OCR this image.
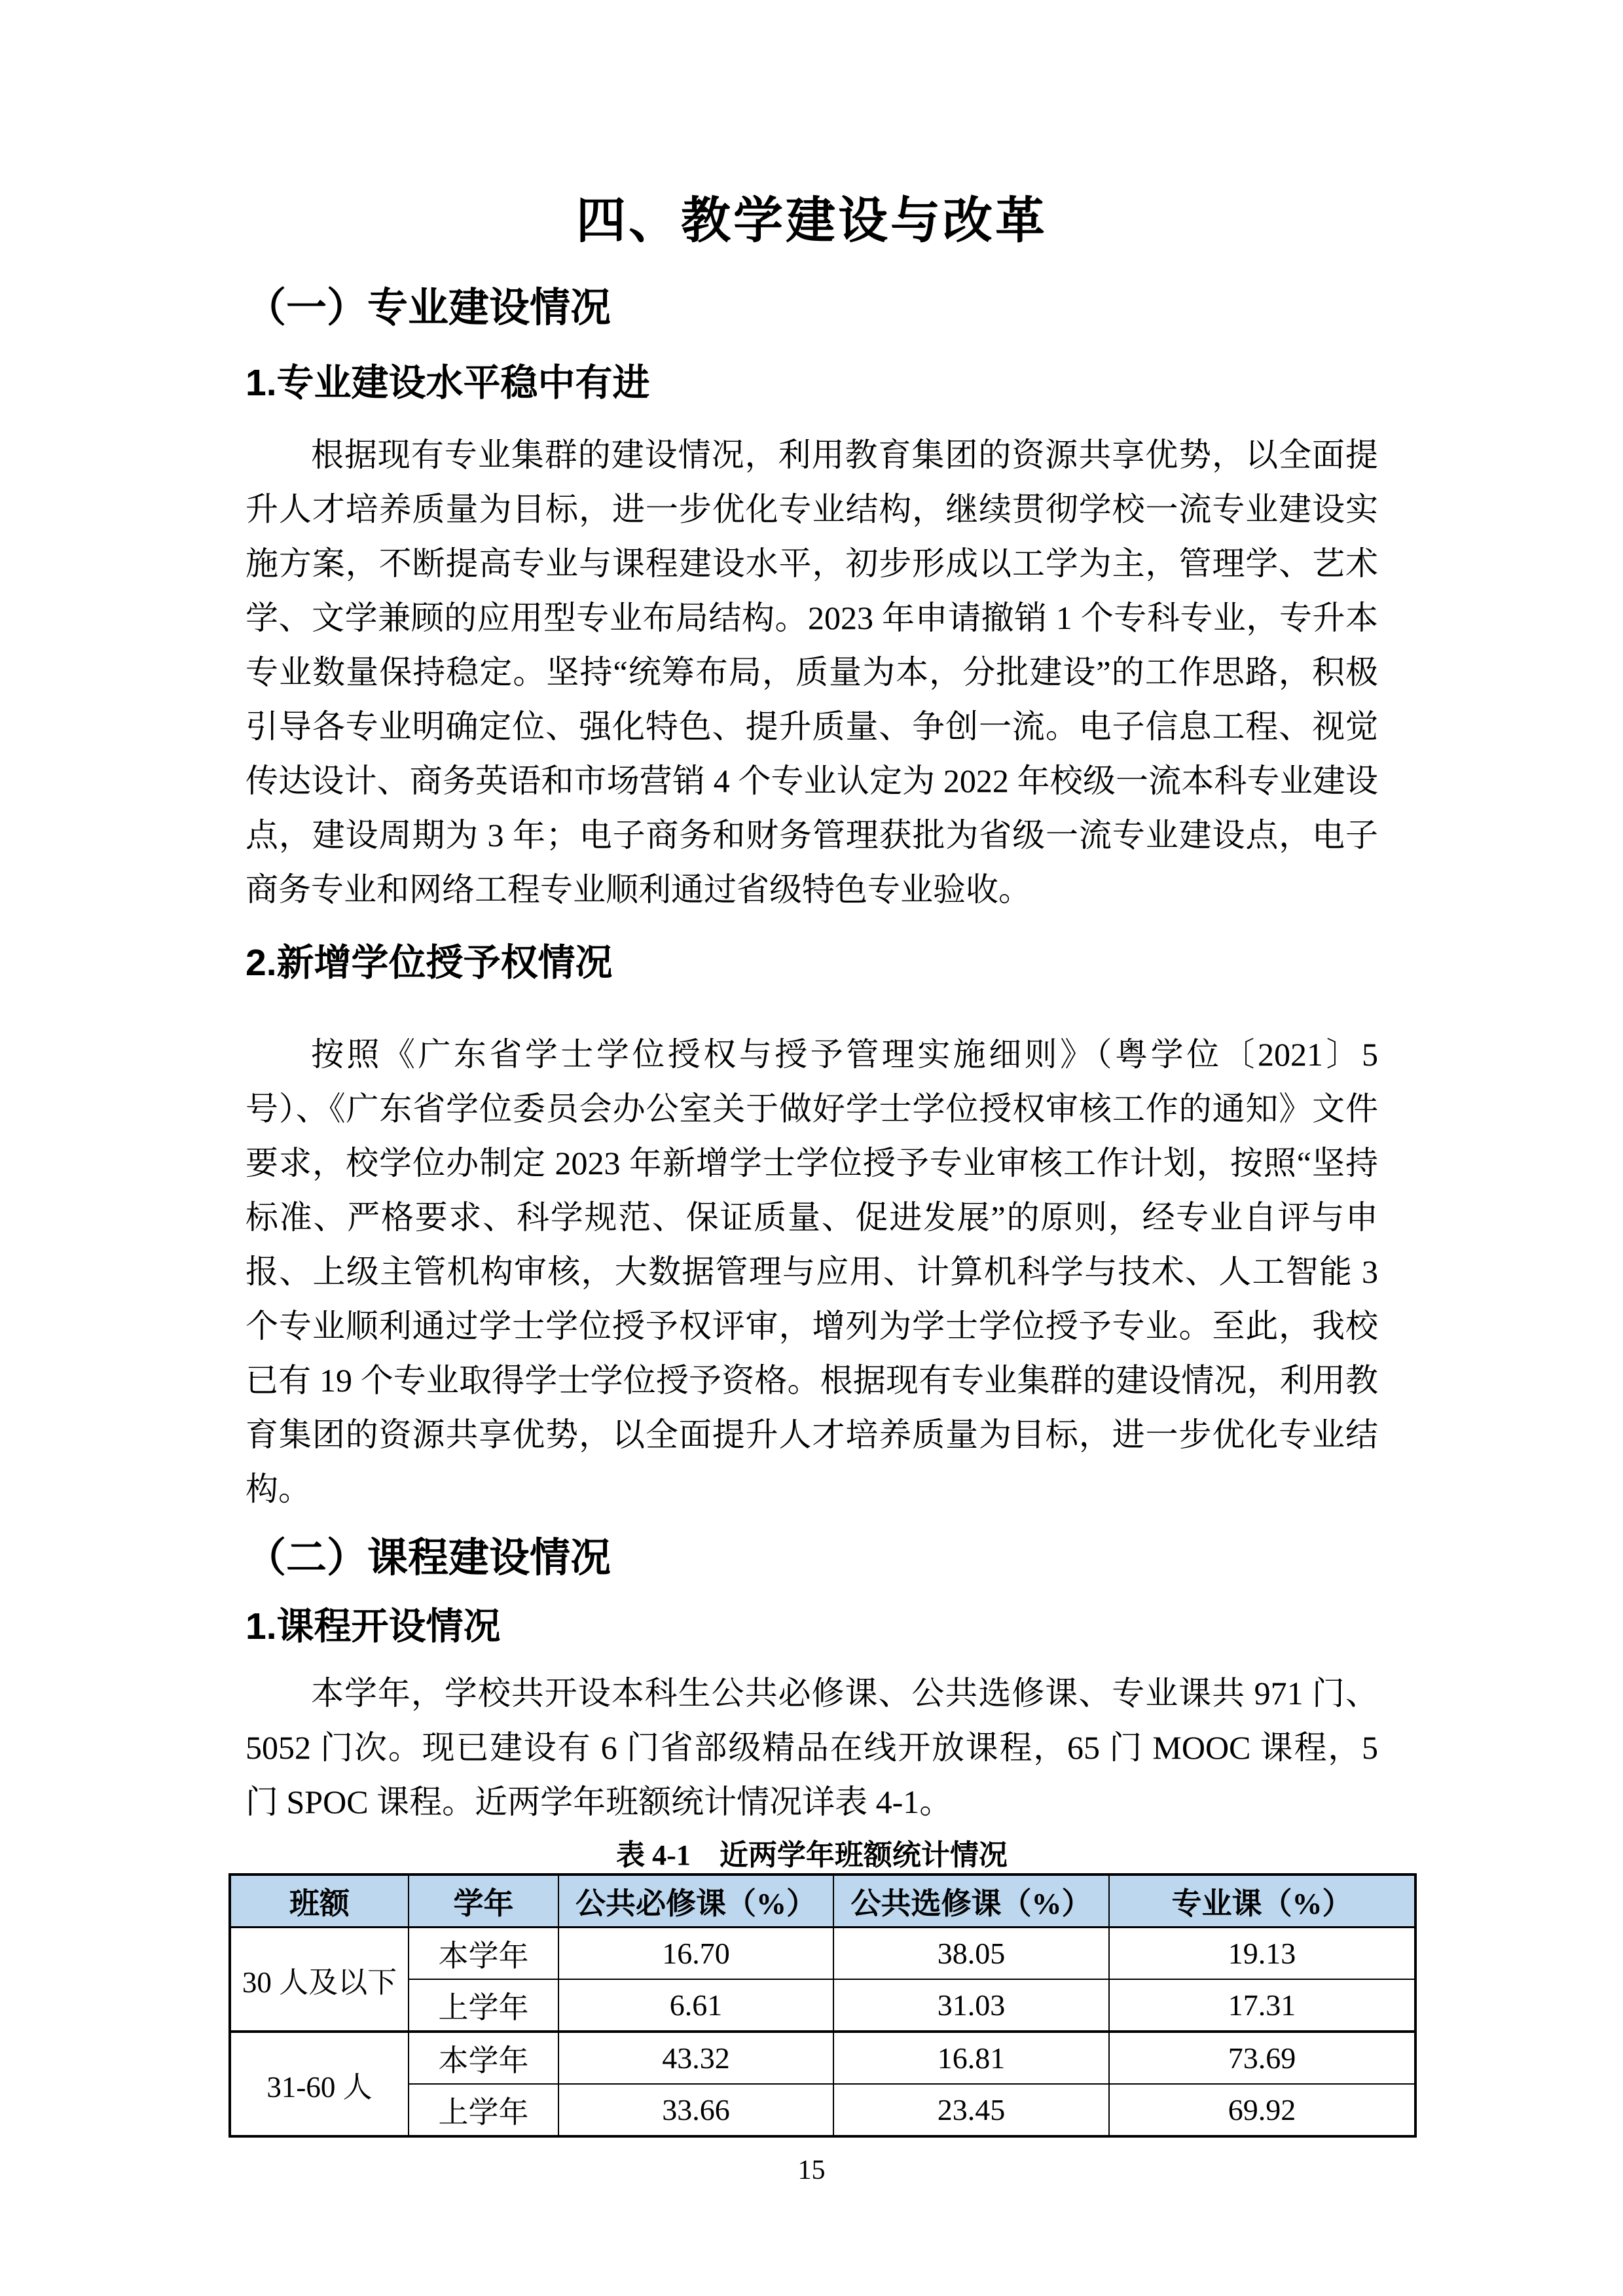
四、教学建设与改革
（一）专业建设情况
1.专业建设水平稳中有进

根据现有专业集群的建设情况，利用教育集团的资源共享优势，以全面提升人才培养质量为目标，进一步优化专业结构，继续贯彻学校一流专业建设实施方案，不断提高专业与课程建设水平，初步形成以工学为主，管理学、艺术学、文学兼顾的应用型专业布局结构。2023 年申请撤销 1 个专科专业，专升本专业数量保持稳定。坚持“统筹布局，质量为本，分批建设”的工作思路，积极引导各专业明确定位、强化特色、提升质量、争创一流。电子信息工程、视觉传达设计、商务英语和市场营销 4 个专业认定为 2022 年校级一流本科专业建设点，建设周期为 3 年；电子商务和财务管理获批为省级一流专业建设点，电子商务专业和网络工程专业顺利通过省级特色专业验收。

2.新增学位授予权情况

按照《广东省学士学位授权与授予管理实施细则》（粤学位〔2021〕5 号）、《广东省学位委员会办公室关于做好学士学位授权审核工作的通知》文件要求，校学位办制定 2023 年新增学士学位授予专业审核工作计划，按照“坚持标准、严格要求、科学规范、保证质量、促进发展”的原则，经专业自评与申报、上级主管机构审核，大数据管理与应用、计算机科学与技术、人工智能 3 个专业顺利通过学士学位授予权评审，增列为学士学位授予专业。至此，我校已有 19 个专业取得学士学位授予资格。根据现有专业集群的建设情况，利用教育集团的资源共享优势，以全面提升人才培养质量为目标，进一步优化专业结构。

（二）课程建设情况
1.课程开设情况

本学年，学校共开设本科生公共必修课、公共选修课、专业课共 971 门、5052 门次。现已建设有 6 门省部级精品在线开放课程，65 门 MOOC 课程，5 门 SPOC 课程。近两学年班额统计情况详表 4-1。

表 4-1　近两学年班额统计情况
班额	学年	公共必修课（%）	公共选修课（%）	专业课（%）
30 人及以下	本学年	16.70	38.05	19.13
	上学年	6.61	31.03	17.31
31-60 人	本学年	43.32	16.81	73.69
	上学年	33.66	23.45	69.92
15
